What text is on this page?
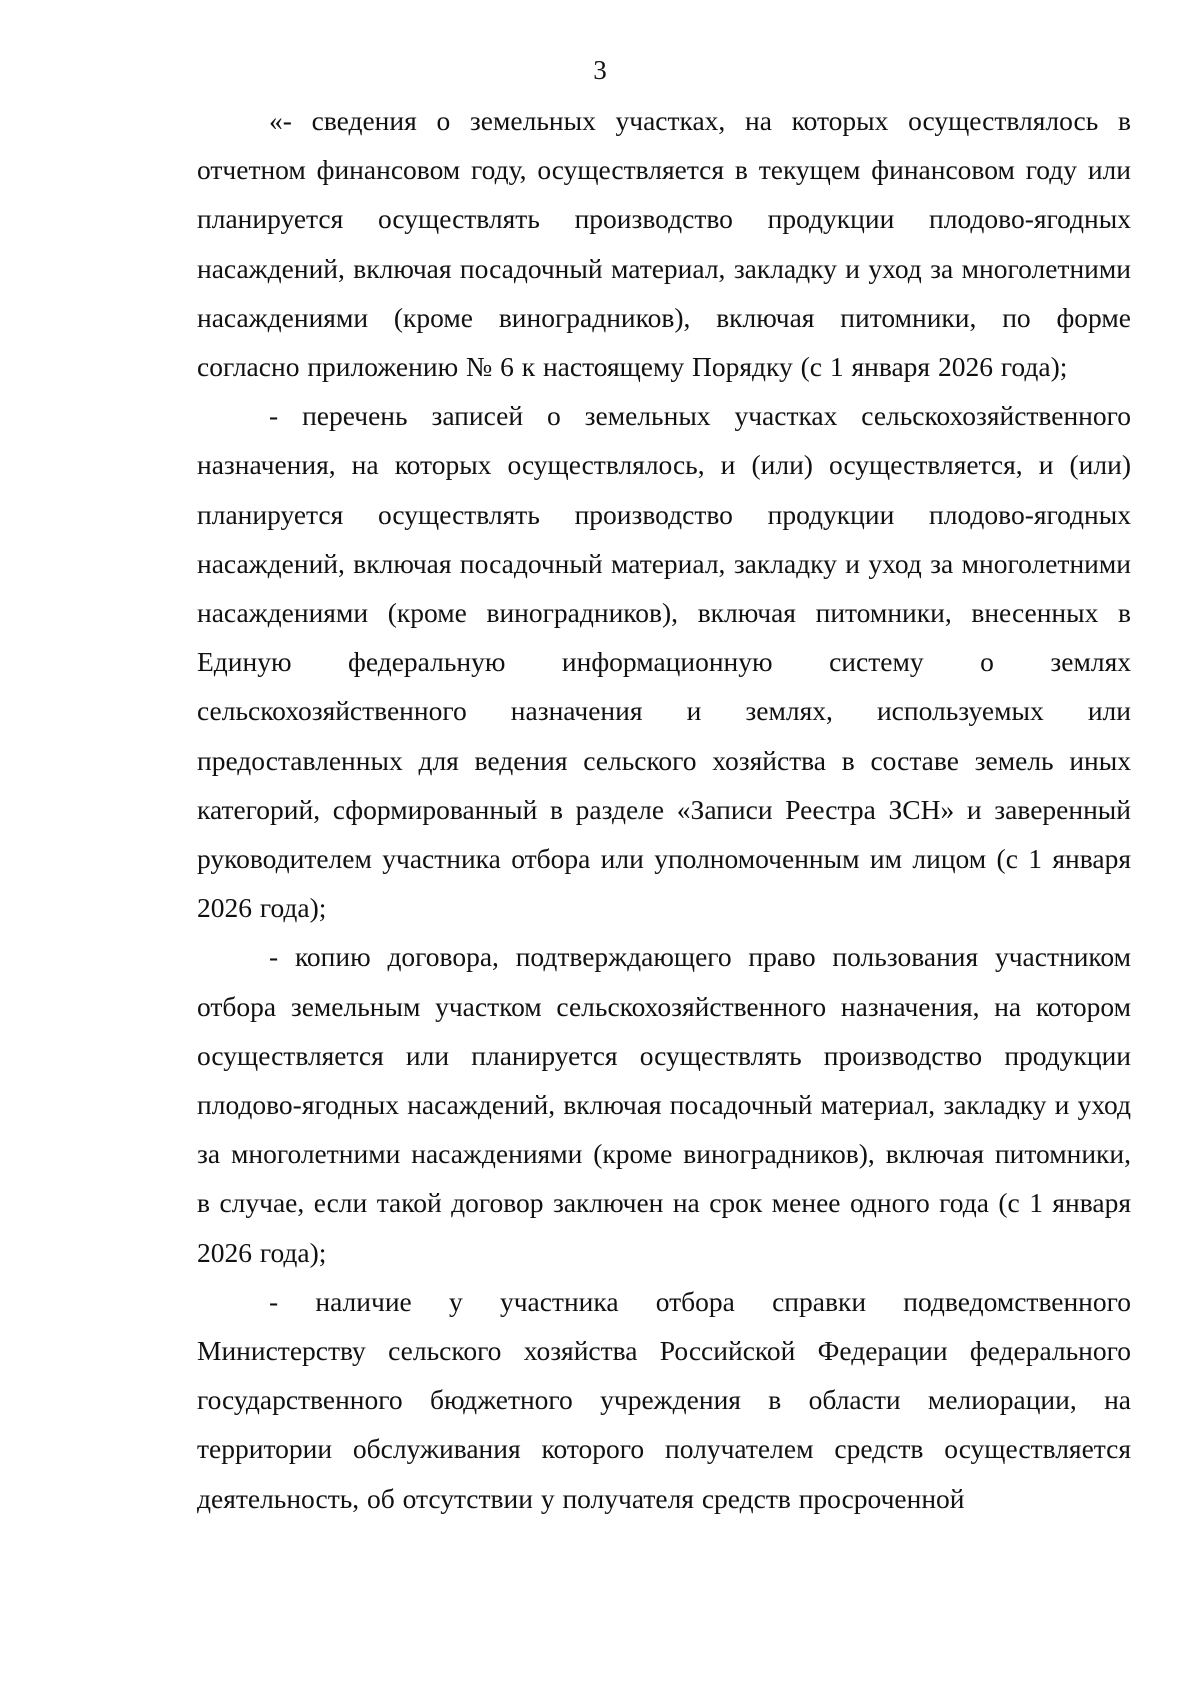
3

«- сведения о земельных участках, на которых осуществлялось в отчетном финансовом году, осуществляется в текущем финансовом году или планируется осуществлять производство продукции плодово-ягодных насаждений, включая посадочный материал, закладку и уход за многолетними насаждениями (кроме виноградников), включая питомники, по форме согласно приложению № 6 к настоящему Порядку (с 1 января 2026 года);

- перечень записей о земельных участках сельскохозяйственного назначения, на которых осуществлялось, и (или) осуществляется, и (или) планируется осуществлять производство продукции плодово-ягодных насаждений, включая посадочный материал, закладку и уход за многолетними насаждениями (кроме виноградников), включая питомники, внесенных в Единую федеральную информационную систему о землях сельскохозяйственного назначения и землях, используемых или предоставленных для ведения сельского хозяйства в составе земель иных категорий, сформированный в разделе «Записи Реестра ЗСН» и заверенный руководителем участника отбора или уполномоченным им лицом (с 1 января 2026 года);

- копию договора, подтверждающего право пользования участником отбора земельным участком сельскохозяйственного назначения, на котором осуществляется или планируется осуществлять производство продукции плодово-ягодных насаждений, включая посадочный материал, закладку и уход за многолетними насаждениями (кроме виноградников), включая питомники, в случае, если такой договор заключен на срок менее одного года (с 1 января 2026 года);

- наличие у участника отбора справки подведомственного Министерству сельского хозяйства Российской Федерации федерального государственного бюджетного учреждения в области мелиорации, на территории обслуживания которого получателем средств осуществляется деятельность, об отсутствии у получателя средств просроченной
